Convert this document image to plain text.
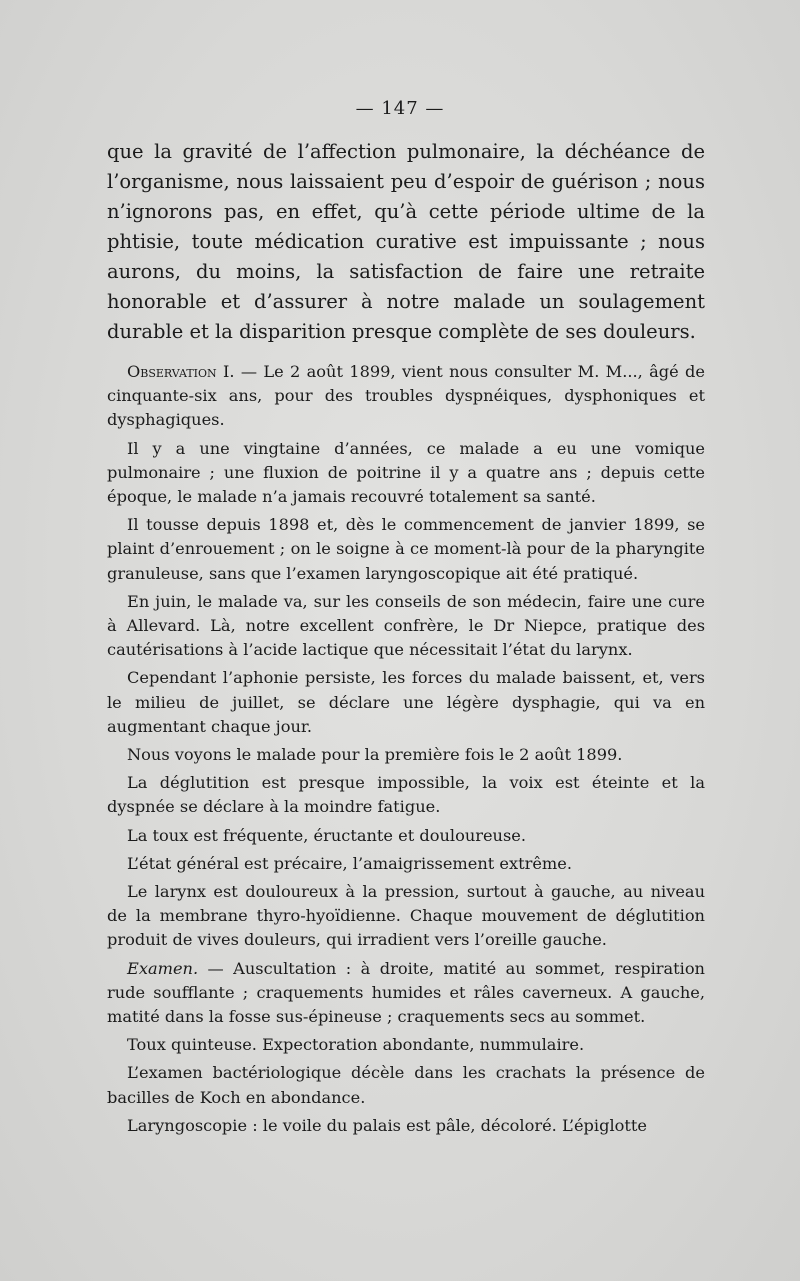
— 147 —

que la gravité de l’affection pulmonaire, la déchéance de l’organisme, nous laissaient peu d’espoir de guérison ; nous n’ignorons pas, en effet, qu’à cette période ultime de la phtisie, toute médication curative est impuissante ; nous aurons, du moins, la satisfaction de faire une retraite honorable et d’assurer à notre malade un soulagement durable et la disparition presque complète de ses douleurs.

Observation I. — Le 2 août 1899, vient nous consulter M. M..., âgé de cinquante-six ans, pour des troubles dyspnéiques, dysphoniques et dysphagiques.

Il y a une vingtaine d’années, ce malade a eu une vomique pulmonaire ; une fluxion de poitrine il y a quatre ans ; depuis cette époque, le malade n’a jamais recouvré totalement sa santé.

Il tousse depuis 1898 et, dès le commencement de janvier 1899, se plaint d’enrouement ; on le soigne à ce moment-là pour de la pharyngite granuleuse, sans que l’examen laryngoscopique ait été pratiqué.

En juin, le malade va, sur les conseils de son médecin, faire une cure à Allevard. Là, notre excellent confrère, le Dr Niepce, pratique des cautérisations à l’acide lactique que nécessitait l’état du larynx.

Cependant l’aphonie persiste, les forces du malade baissent, et, vers le milieu de juillet, se déclare une légère dysphagie, qui va en augmentant chaque jour.

Nous voyons le malade pour la première fois le 2 août 1899.

La déglutition est presque impossible, la voix est éteinte et la dyspnée se déclare à la moindre fatigue.

La toux est fréquente, éructante et douloureuse.

L’état général est précaire, l’amaigrissement extrême.

Le larynx est douloureux à la pression, surtout à gauche, au niveau de la membrane thyro-hyoïdienne. Chaque mouvement de déglutition produit de vives douleurs, qui irradient vers l’oreille gauche.

Examen. — Auscultation : à droite, matité au sommet, respiration rude soufflante ; craquements humides et râles caverneux. A gauche, matité dans la fosse sus-épineuse ; craquements secs au sommet.

Toux quinteuse. Expectoration abondante, nummulaire.

L’examen bactériologique décèle dans les crachats la présence de bacilles de Koch en abondance.

Laryngoscopie : le voile du palais est pâle, décoloré. L’épiglotte
